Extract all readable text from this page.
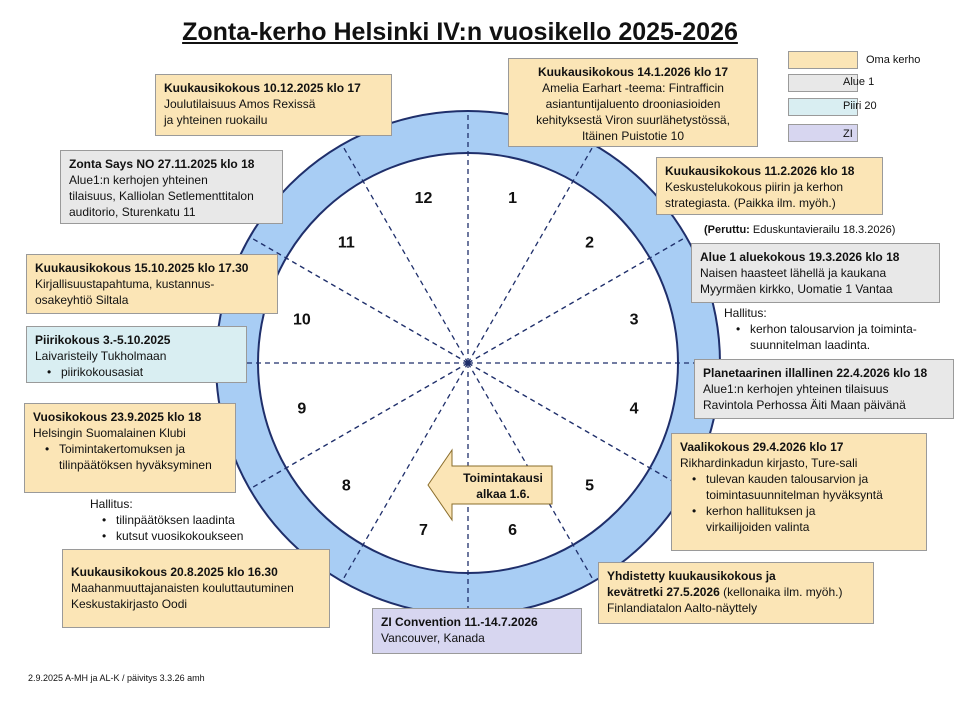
Zonta-kerho Helsinki IV:n vuosikello 2025-2026
Oma kerho
Alue 1
Piiri 20
ZI
1
2
3
4
5
6
7
8
9
10
11
12
Toimintakausi
alkaa 1.6.
Kuukausikokous 10.12.2025 klo 17
Joulutilaisuus Amos Rexissä
ja yhteinen ruokailu
Kuukausikokous 14.1.2026 klo 17
Amelia Earhart -teema: Fintrafficin
asiantuntijaluento drooniasioiden
kehityksestä Viron suurlähetystössä,
Itäinen Puistotie 10
Zonta Says NO 27.11.2025 klo 18
Alue1:n kerhojen yhteinen
tilaisuus, Kalliolan Setlementtitalon
auditorio, Sturenkatu 11
Kuukausikokous 11.2.2026 klo 18
Keskustelukokous piirin ja kerhon
strategiasta. (Paikka ilm. myöh.)
(Peruttu: Eduskuntavierailu 18.3.2026)
Kuukausikokous 15.10.2025 klo 17.30
Kirjallisuustapahtuma, kustannus-
osakeyhtiö Siltala
Alue 1 aluekokous 19.3.2026 klo 18
Naisen haasteet lähellä ja kaukana
Myyrmäen kirkko, Uomatie 1 Vantaa
Hallitus:
• kerhon talousarvion ja toiminta-
suunnitelman laadinta.
Piirikokous 3.-5.10.2025
Laivaristeily Tukholmaan
• piirikokousasiat	Planetaarinen illallinen 22.4.2026 klo 18
Alue1:n kerhojen yhteinen tilaisuus
Ravintola Perhossa Äiti Maan päivänä
Vuosikokous 23.9.2025 klo 18
Helsingin Suomalainen Klubi
• Toimintakertomuksen ja
tilinpäätöksen hyväksyminen
Vaalikokous 29.4.2026 klo 17
Rikhardinkadun kirjasto, Ture-sali
• tulevan kauden talousarvion ja
toimintasuunnitelman hyväksyntä
• kerhon hallituksen ja
virkailijoiden valinta
Hallitus:
• tilinpäätöksen laadinta
• kutsut vuosikokoukseen
Kuukausikokous 20.8.2025 klo 16.30
Maahanmuuttajanaisten kouluttautuminen
Keskustakirjasto Oodi
Yhdistetty kuukausikokous ja
kevätretki 27.5.2026 (kellonaika ilm. myöh.)
Finlandiatalon Aalto-näyttely
ZI Convention 11.-14.7.2026
Vancouver, Kanada
2.9.2025 A-MH ja AL-K / päivitys 3.3.26 amh
